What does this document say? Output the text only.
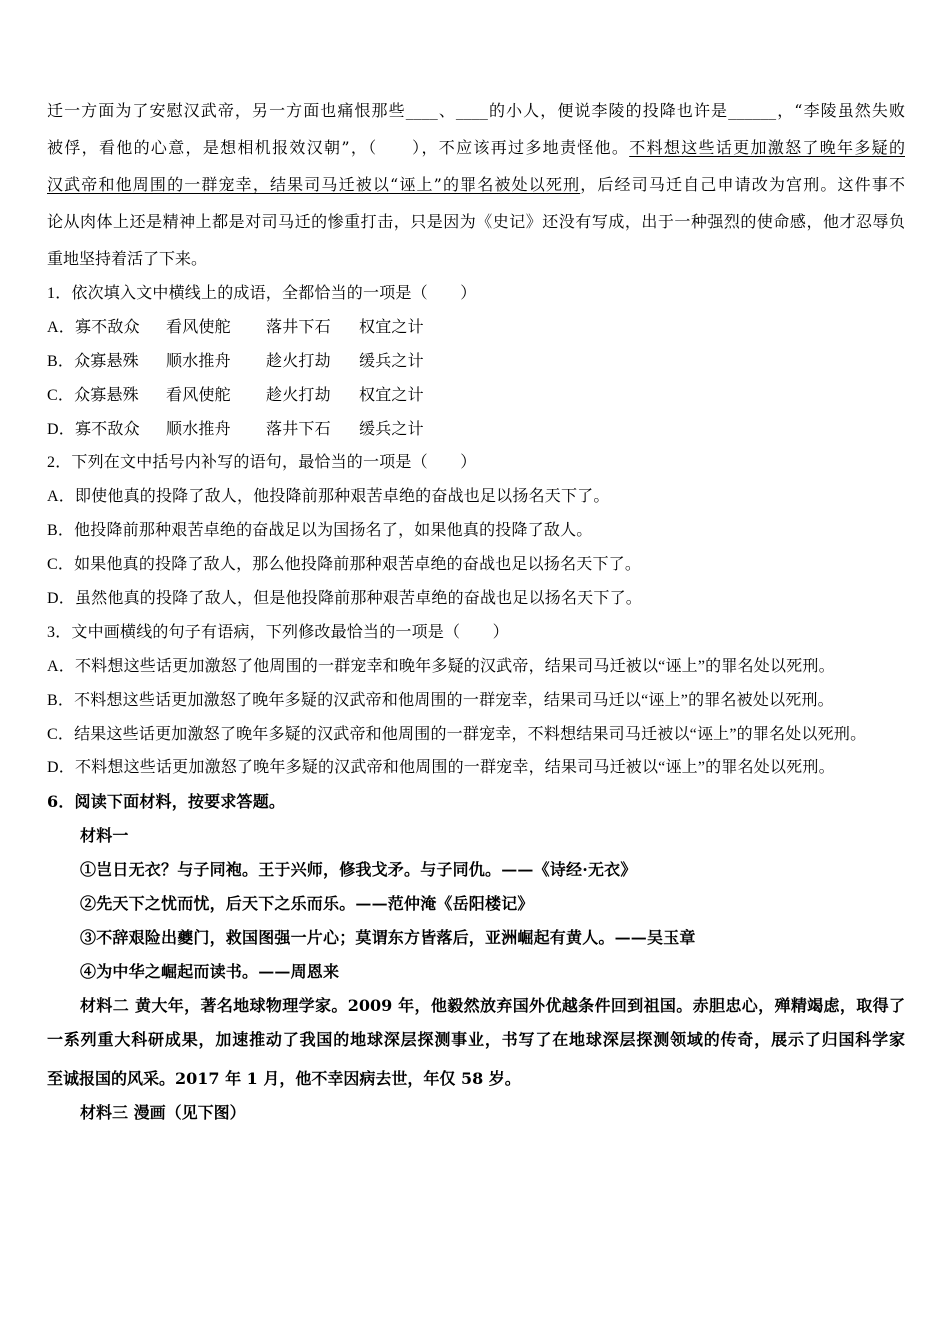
迁一方面为了安慰汉武帝，另一方面也痛恨那些____、____的小人，便说李陵的投降也许是______，“李陵虽然失败
被俘，看他的心意，是想相机报效汉朝”，（　　），不应该再过多地责怪他。不料想这些话更加激怒了晚年多疑的
汉武帝和他周围的一群宠幸，结果司马迁被以“诬上”的罪名被处以死刑，后经司马迁自己申请改为宫刑。这件事不
论从肉体上还是精神上都是对司马迁的惨重打击，只是因为《史记》还没有写成，出于一种强烈的使命感，他才忍辱负
重地坚持着活了下来。
1．依次填入文中横线上的成语，全都恰当的一项是（　　）
A．寡不敌众 看风使舵 落井下石 权宜之计
B．众寡悬殊 顺水推舟 趁火打劫 缓兵之计
C．众寡悬殊 看风使舵 趁火打劫 权宜之计
D．寡不敌众 顺水推舟 落井下石 缓兵之计
2．下列在文中括号内补写的语句，最恰当的一项是（　　）
A．即使他真的投降了敌人，他投降前那种艰苦卓绝的奋战也足以扬名天下了。
B．他投降前那种艰苦卓绝的奋战足以为国扬名了，如果他真的投降了敌人。
C．如果他真的投降了敌人，那么他投降前那种艰苦卓绝的奋战也足以扬名天下了。
D．虽然他真的投降了敌人，但是他投降前那种艰苦卓绝的奋战也足以扬名天下了。
3．文中画横线的句子有语病，下列修改最恰当的一项是（　　）
A．不料想这些话更加激怒了他周围的一群宠幸和晚年多疑的汉武帝，结果司马迁被以“诬上”的罪名处以死刑。
B．不料想这些话更加激怒了晚年多疑的汉武帝和他周围的一群宠幸，结果司马迁以“诬上”的罪名被处以死刑。
C．结果这些话更加激怒了晚年多疑的汉武帝和他周围的一群宠幸，不料想结果司马迁被以“诬上”的罪名处以死刑。
D．不料想这些话更加激怒了晚年多疑的汉武帝和他周围的一群宠幸，结果司马迁被以“诬上”的罪名处以死刑。
6．阅读下面材料，按要求答题。
材料一
①岂日无衣？与子同袍。王于兴师，修我戈矛。与子同仇。——《诗经·无衣》
②先天下之忧而忧，后天下之乐而乐。——范仲淹《岳阳楼记》
③不辞艰险出夔门，救国图强一片心；莫谓东方皆落后，亚洲崛起有黄人。——吴玉章
④为中华之崛起而读书。——周恩来
材料二 黄大年，著名地球物理学家。2009 年，他毅然放弃国外优越条件回到祖国。赤胆忠心，殚精竭虑，取得了
一系列重大科研成果，加速推动了我国的地球深层探测事业，书写了在地球深层探测领域的传奇，展示了归国科学家
至诚报国的风采。2017 年 1 月，他不幸因病去世，年仅 58 岁。
材料三 漫画（见下图）
